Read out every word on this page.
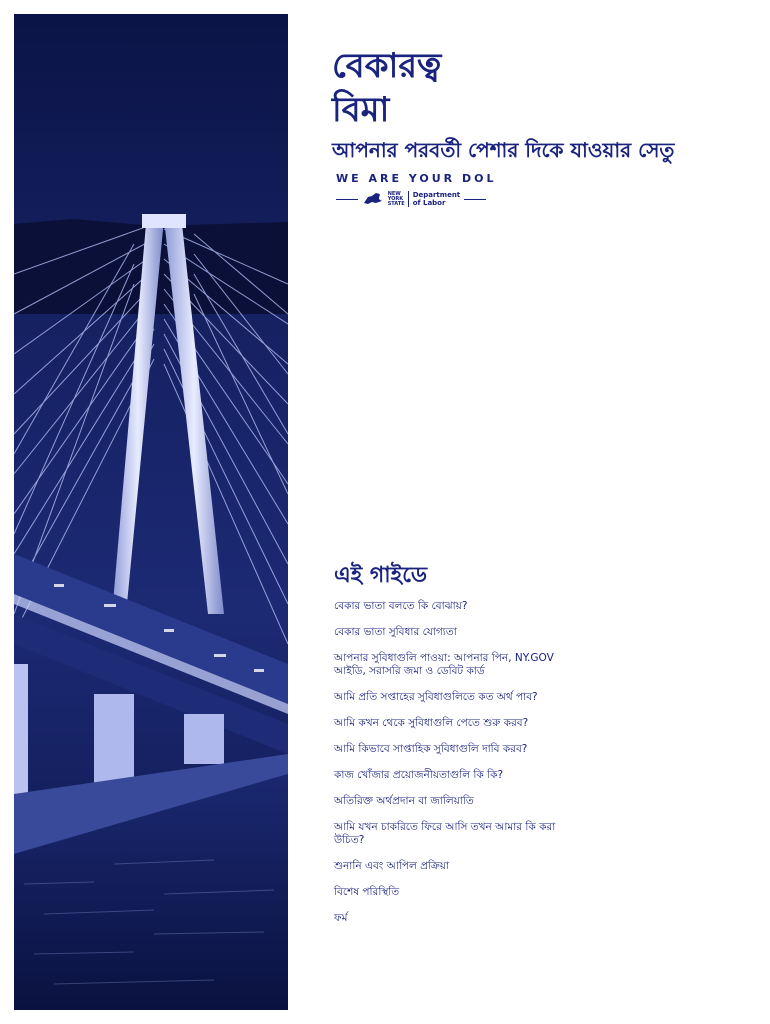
বেকারত্ব
বিমা
আপনার পরবর্তী পেশার দিকে যাওয়ার সেতু
WE ARE YOUR DOL
NEW
YORK
STATE
Department
of Labor
এই গাইডে
বেকার ভাতা বলতে কি বোঝায়?
বেকার ভাতা সুবিধার যোগ্যতা
আপনার সুবিধাগুলি পাওয়া: আপনার পিন, NY.GOV আইডি, সরাসরি জমা ও ডেবিট কার্ড
আমি প্রতি সপ্তাহের সুবিধাগুলিতে কত অর্থ পাব?
আমি কখন থেকে সুবিধাগুলি পেতে শুরু করব?
আমি কিভাবে সাপ্তাহিক সুবিধাগুলি দাবি করব?
কাজ খোঁজার প্রয়োজনীয়তাগুলি কি কি?
অতিরিক্ত অর্থপ্রদান বা জালিয়াতি
আমি যখন চাকরিতে ফিরে আসি তখন আমার কি করা উচিত?
শুনানি এবং আপিল প্রক্রিয়া
বিশেষ পরিস্থিতি
ফর্ম
